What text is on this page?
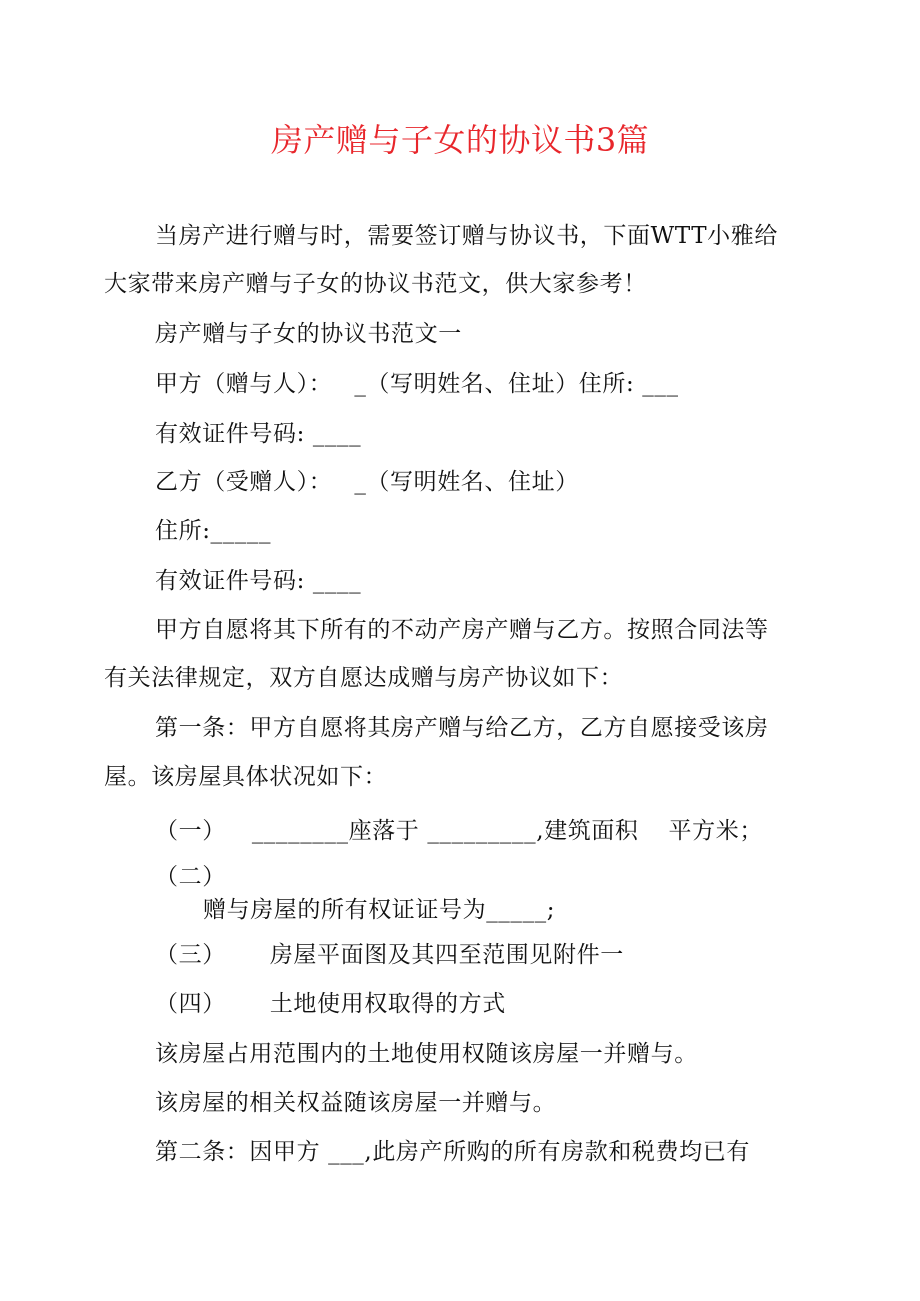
房产赠与子女的协议书3篇
当房产进行赠与时，需要签订赠与协议书，下面WTT小雅给
大家带来房产赠与子女的协议书范文，供大家参考！
房产赠与子女的协议书范文一
甲方（赠与人）： _（写明姓名、住址）住所: ___
有效证件号码: ____
乙方（受赠人）： _（写明姓名、住址）
住所:_____
有效证件号码: ____
甲方自愿将其下所有的不动产房产赠与乙方。按照合同法等
有关法律规定，双方自愿达成赠与房产协议如下：
第一条：甲方自愿将其房产赠与给乙方，乙方自愿接受该房
屋。该房屋具体状况如下：
（一） ________座落于 _________,建筑面积 平方米；
（二）
赠与房屋的所有权证证号为_____;
（三） 房屋平面图及其四至范围见附件一
（四） 土地使用权取得的方式
该房屋占用范围内的土地使用权随该房屋一并赠与。
该房屋的相关权益随该房屋一并赠与。
第二条：因甲方 ___,此房产所购的所有房款和税费均已有
